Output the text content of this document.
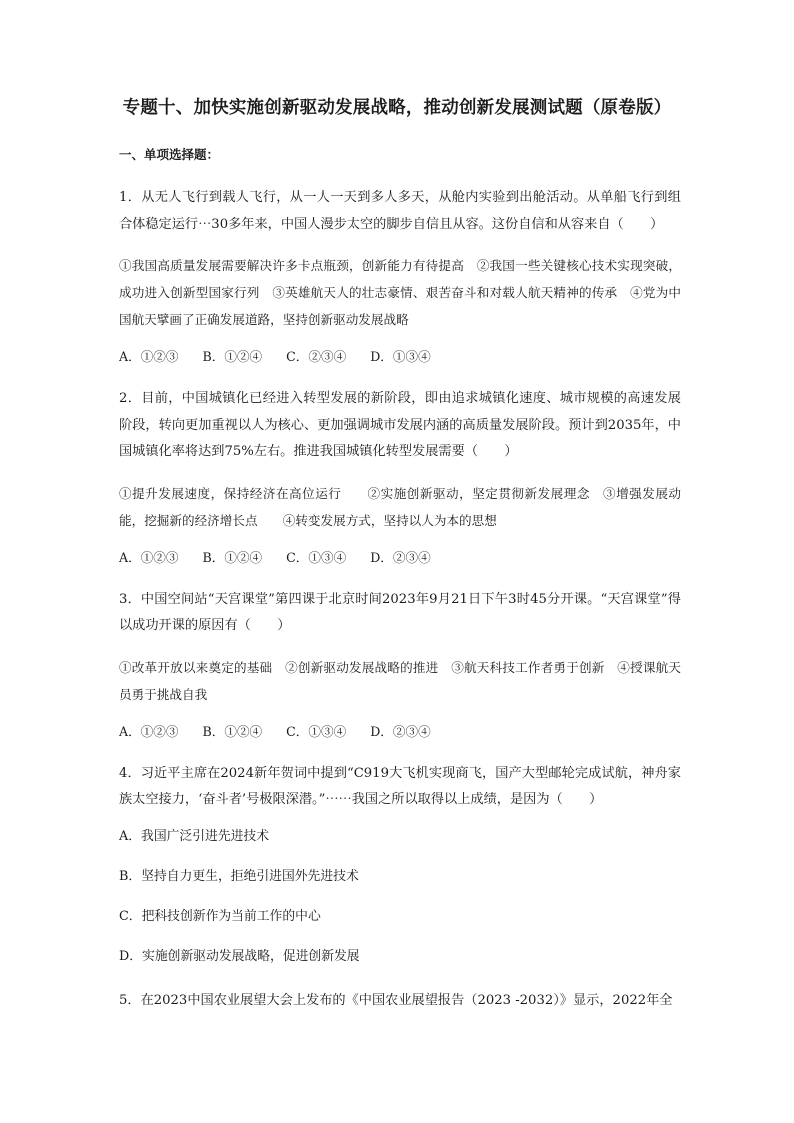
专题十、加快实施创新驱动发展战略，推动创新发展测试题（原卷版）
一、单项选择题：
1．从无人飞行到载人飞行，从一人一天到多人多天，从舱内实验到出舱活动。从单船飞行到组合体稳定运行⋯30多年来，中国人漫步太空的脚步自信且从容。这份自信和从容来自（　　）
①我国高质量发展需要解决许多卡点瓶颈，创新能力有待提高　②我国一些关键核心技术实现突破，成功进入创新型国家行列　③英雄航天人的壮志豪情、艰苦奋斗和对载人航天精神的传承　④党为中国航天擘画了正确发展道路，坚持创新驱动发展战略
A．①②③ B．①②④ C．②③④ D．①③④
2．目前，中国城镇化已经进入转型发展的新阶段，即由追求城镇化速度、城市规模的高速发展阶段，转向更加重视以人为核心、更加强调城市发展内涵的高质量发展阶段。预计到2035年，中国城镇化率将达到75%左右。推进我国城镇化转型发展需要（　　）
①提升发展速度，保持经济在高位运行　　②实施创新驱动，坚定贯彻新发展理念　③增强发展动能，挖掘新的经济增长点　　④转变发展方式，坚持以人为本的思想
A．①②③ B．①②④ C．①③④ D．②③④
3．中国空间站“天宫课堂”第四课于北京时间2023年9月21日下午3时45分开课。“天宫课堂”得以成功开课的原因有（　　）
①改革开放以来奠定的基础　②创新驱动发展战略的推进　③航天科技工作者勇于创新　④授课航天员勇于挑战自我
A．①②③ B．①②④ C．①③④ D．②③④
4．习近平主席在2024新年贺词中提到“C919大飞机实现商飞，国产大型邮轮完成试航，神舟家族太空接力，‘奋斗者’号极限深潜。”⋯⋯我国之所以取得以上成绩，是因为（　　）
A．我国广泛引进先进技术
B．坚持自力更生，拒绝引进国外先进技术
C．把科技创新作为当前工作的中心
D．实施创新驱动发展战略，促进创新发展
5．在2023中国农业展望大会上发布的《中国农业展望报告（2023 -2032）》显示，2022年全
